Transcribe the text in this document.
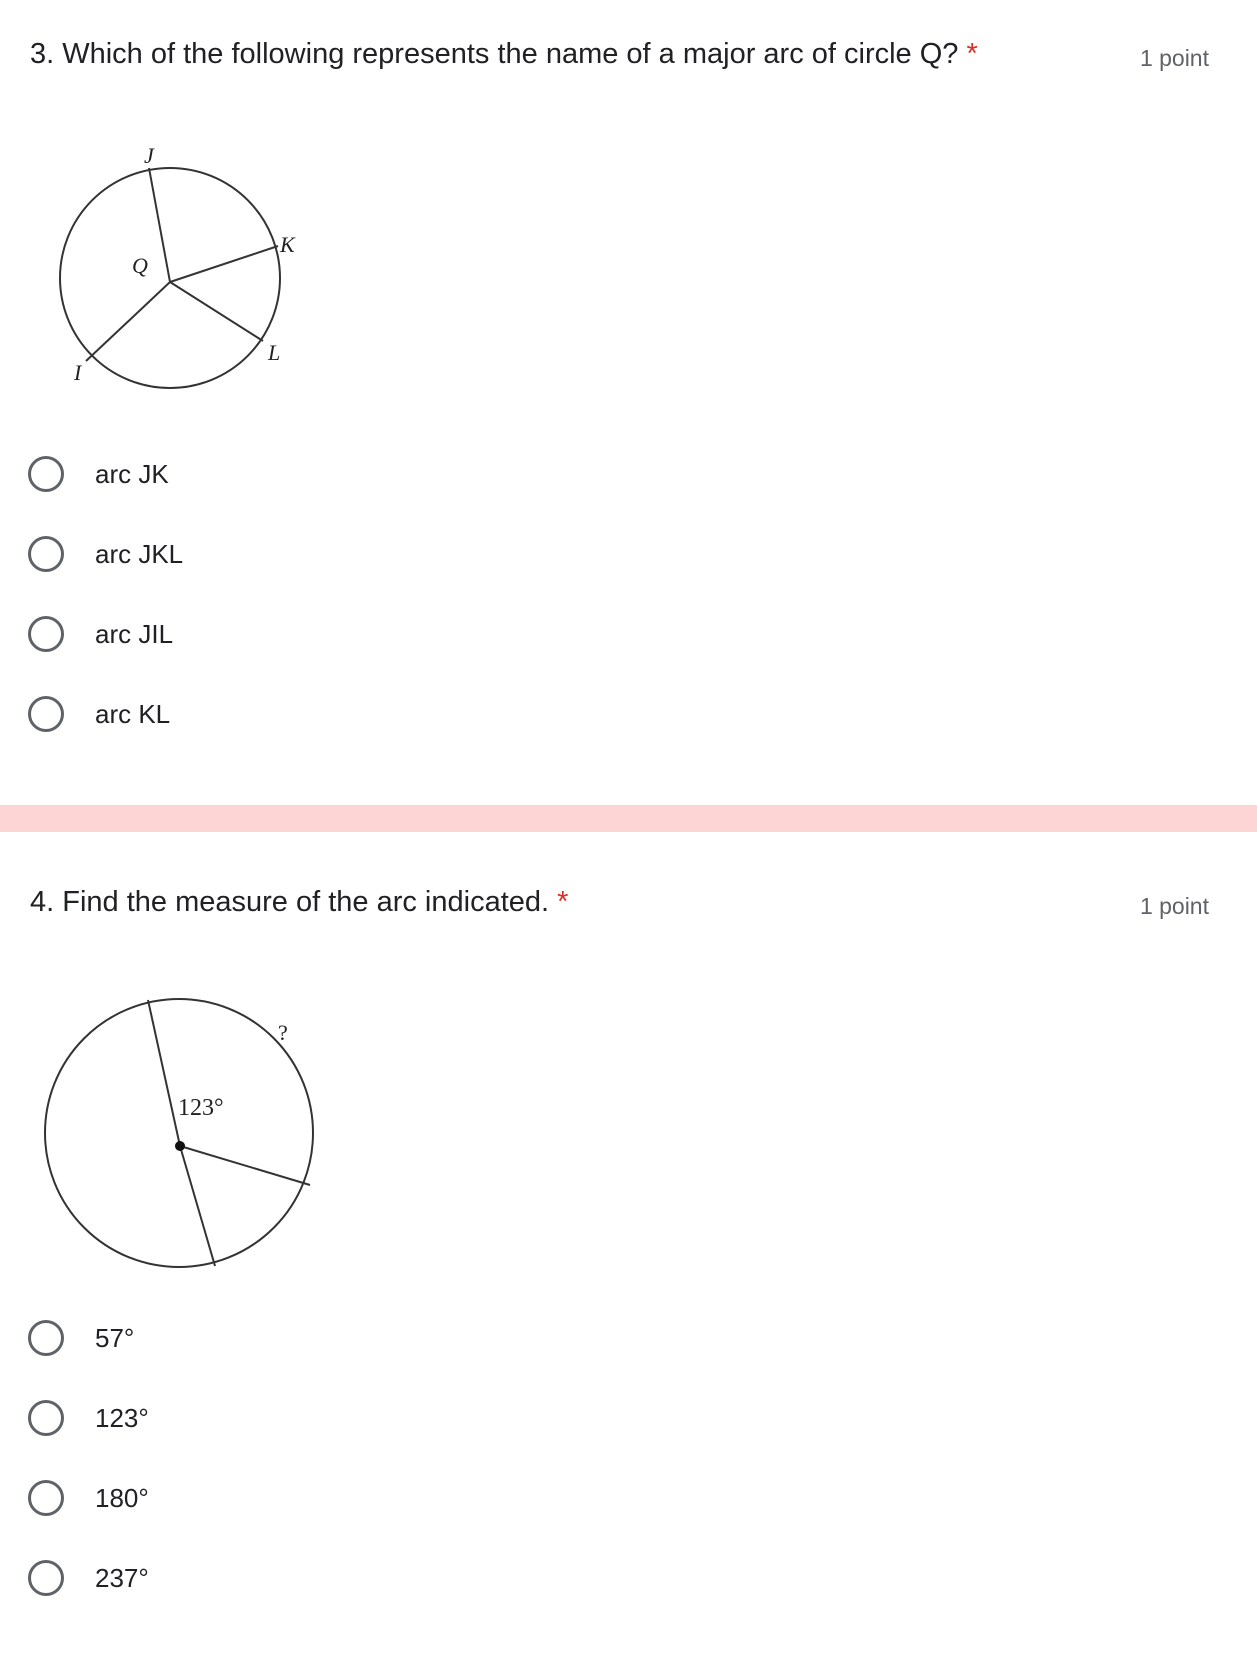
3. Which of the following represents the name of a major arc of circle Q? *	1 point
J
K
Q
L
I
arc JK
arc JKL
arc JIL
arc KL
4. Find the measure of the arc indicated. *	1 point
123°
?
57°
123°
180°
237°
